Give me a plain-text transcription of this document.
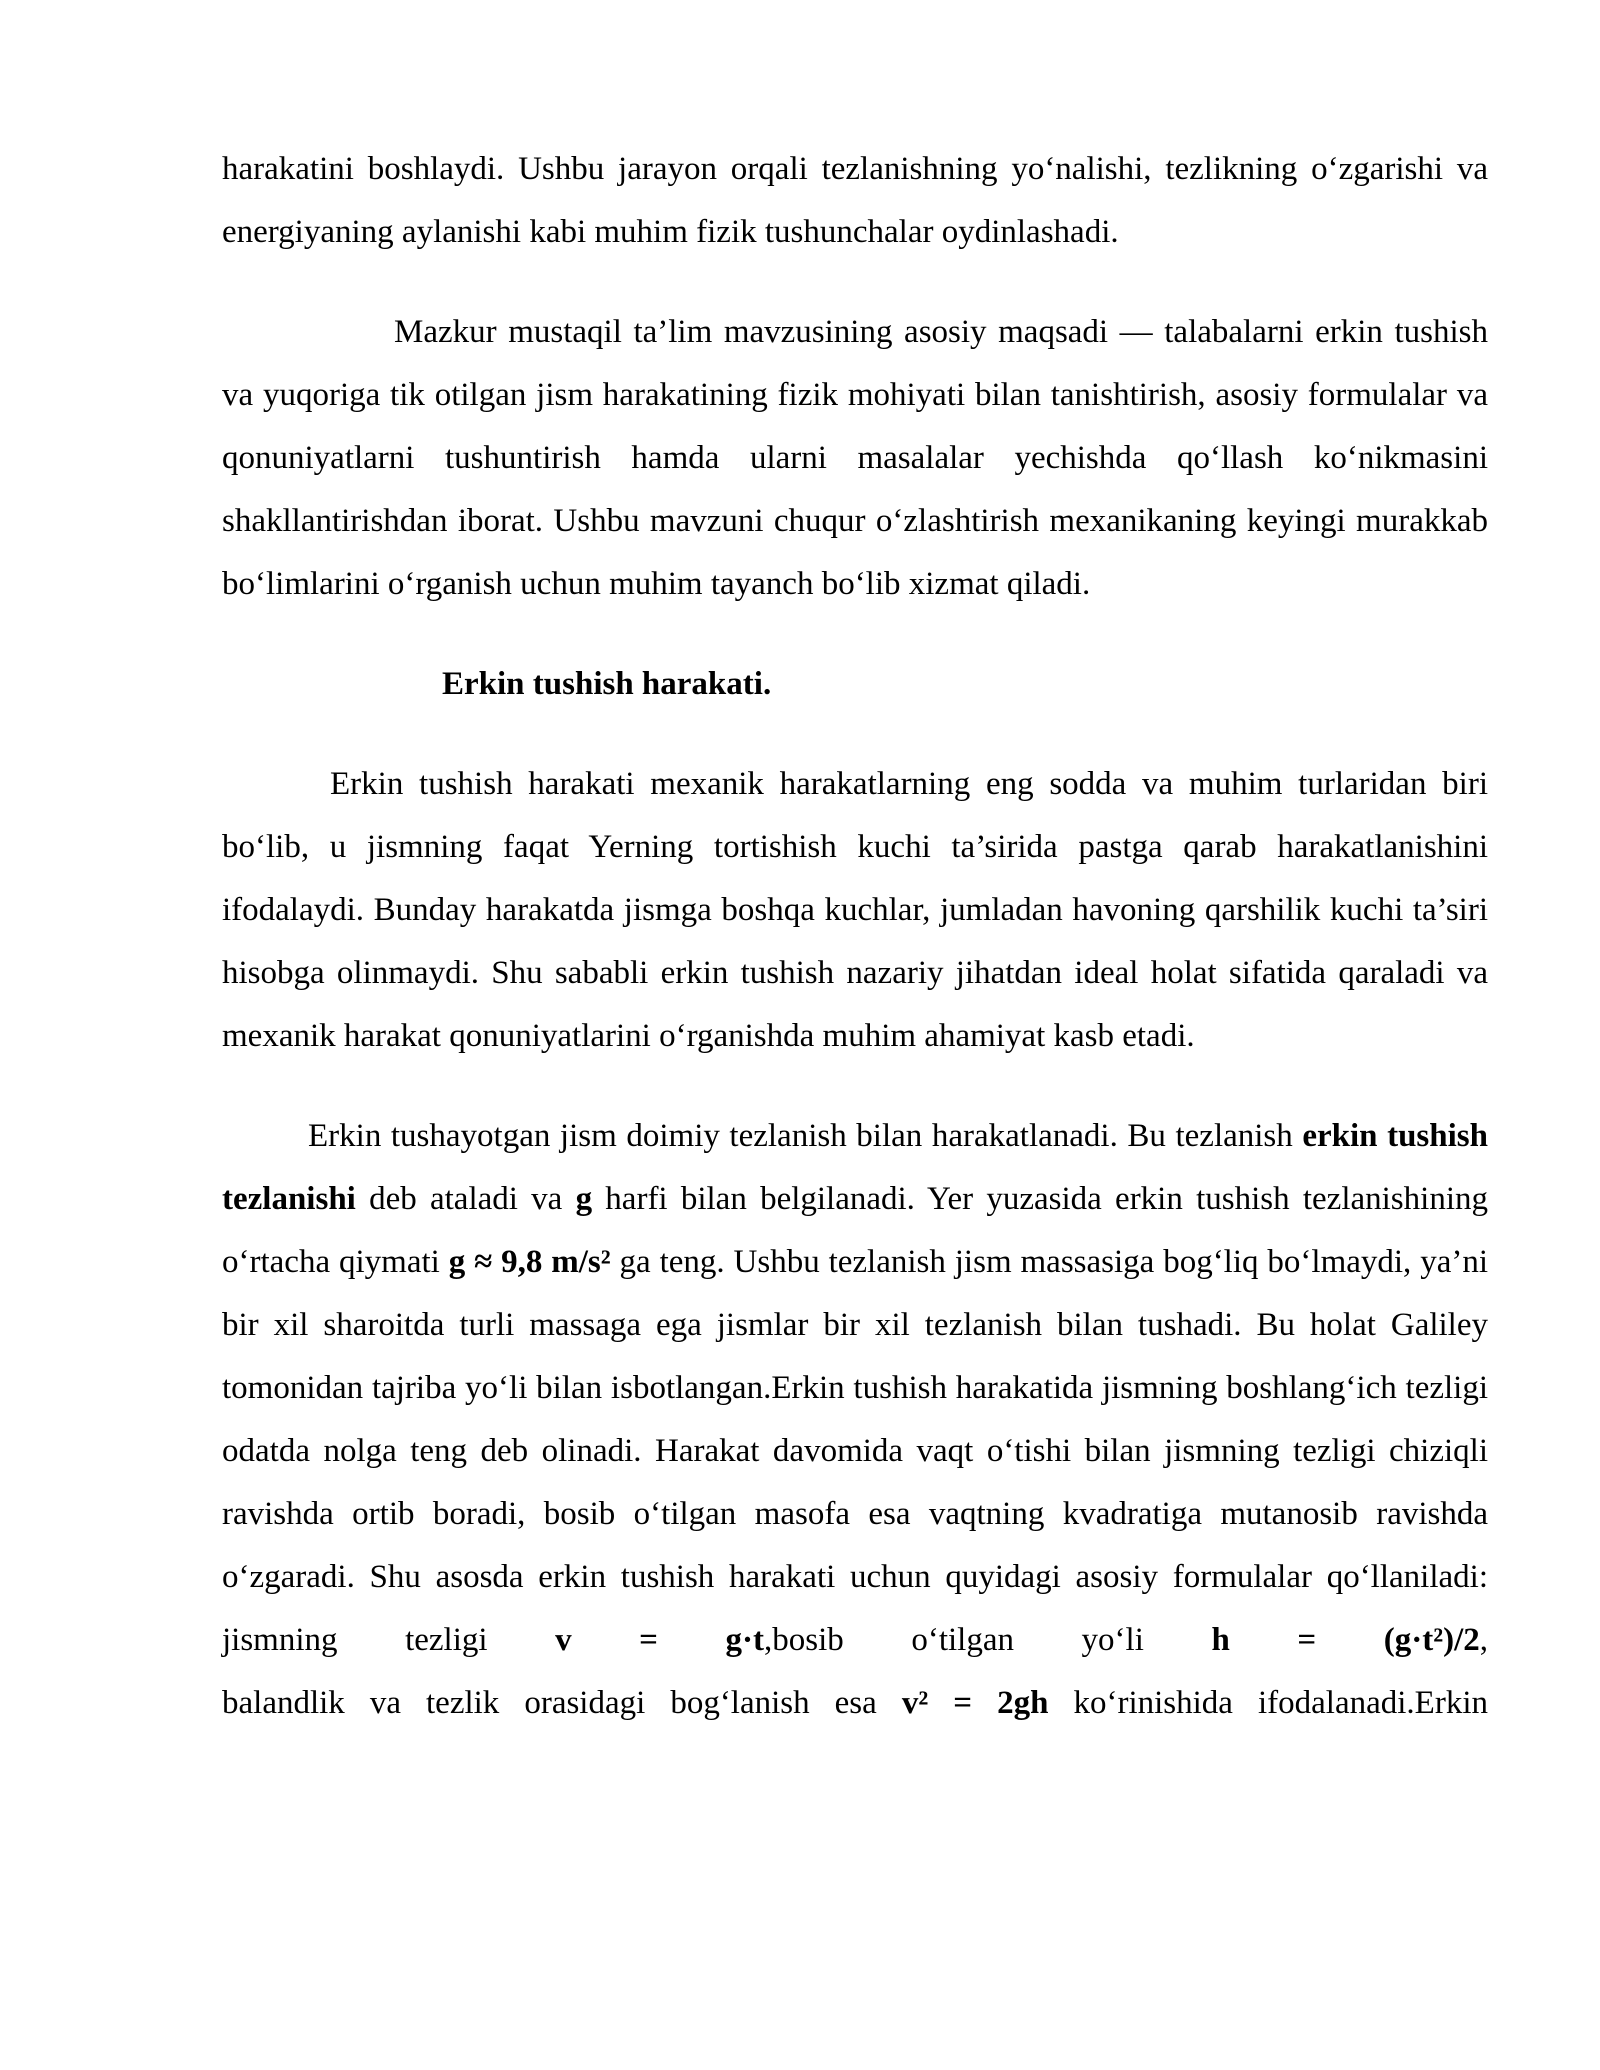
harakatini boshlaydi. Ushbu jarayon orqali tezlanishning yo‘nalishi, tezlikning o‘zgarishi va energiyaning aylanishi kabi muhim fizik tushunchalar oydinlashadi.

Mazkur mustaqil ta’lim mavzusining asosiy maqsadi — talabalarni erkin tushish va yuqoriga tik otilgan jism harakatining fizik mohiyati bilan tanishtirish, asosiy formulalar va qonuniyatlarni tushuntirish hamda ularni masalalar yechishda qo‘llash ko‘nikmasini shakllantirishdan iborat. Ushbu mavzuni chuqur o‘zlashtirish mexanikaning keyingi murakkab bo‘limlarini o‘rganish uchun muhim tayanch bo‘lib xizmat qiladi.

Erkin tushish harakati.

Erkin tushish harakati mexanik harakatlarning eng sodda va muhim turlaridan biri bo‘lib, u jismning faqat Yerning tortishish kuchi ta’sirida pastga qarab harakatlanishini ifodalaydi. Bunday harakatda jismga boshqa kuchlar, jumladan havoning qarshilik kuchi ta’siri hisobga olinmaydi. Shu sababli erkin tushish nazariy jihatdan ideal holat sifatida qaraladi va mexanik harakat qonuniyatlarini o‘rganishda muhim ahamiyat kasb etadi.

Erkin tushayotgan jism doimiy tezlanish bilan harakatlanadi. Bu tezlanish erkin tushish tezlanishi deb ataladi va g harfi bilan belgilanadi. Yer yuzasida erkin tushish tezlanishining o‘rtacha qiymati g ≈ 9,8 m/s² ga teng. Ushbu tezlanish jism massasiga bog‘liq bo‘lmaydi, ya’ni bir xil sharoitda turli massaga ega jismlar bir xil tezlanish bilan tushadi. Bu holat Galiley tomonidan tajriba yo‘li bilan isbotlangan.Erkin tushish harakatida jismning boshlang‘ich tezligi odatda nolga teng deb olinadi. Harakat davomida vaqt o‘tishi bilan jismning tezligi chiziqli ravishda ortib boradi, bosib o‘tilgan masofa esa vaqtning kvadratiga mutanosib ravishda o‘zgaradi. Shu asosda erkin tushish harakati uchun quyidagi asosiy formulalar qo‘llaniladi: jismning tezligi v = g·t,bosib o‘tilgan yo‘li h = (g·t²)/2,

balandlik va tezlik orasidagi bog‘lanish esa v² = 2gh ko‘rinishida ifodalanadi.Erkin
